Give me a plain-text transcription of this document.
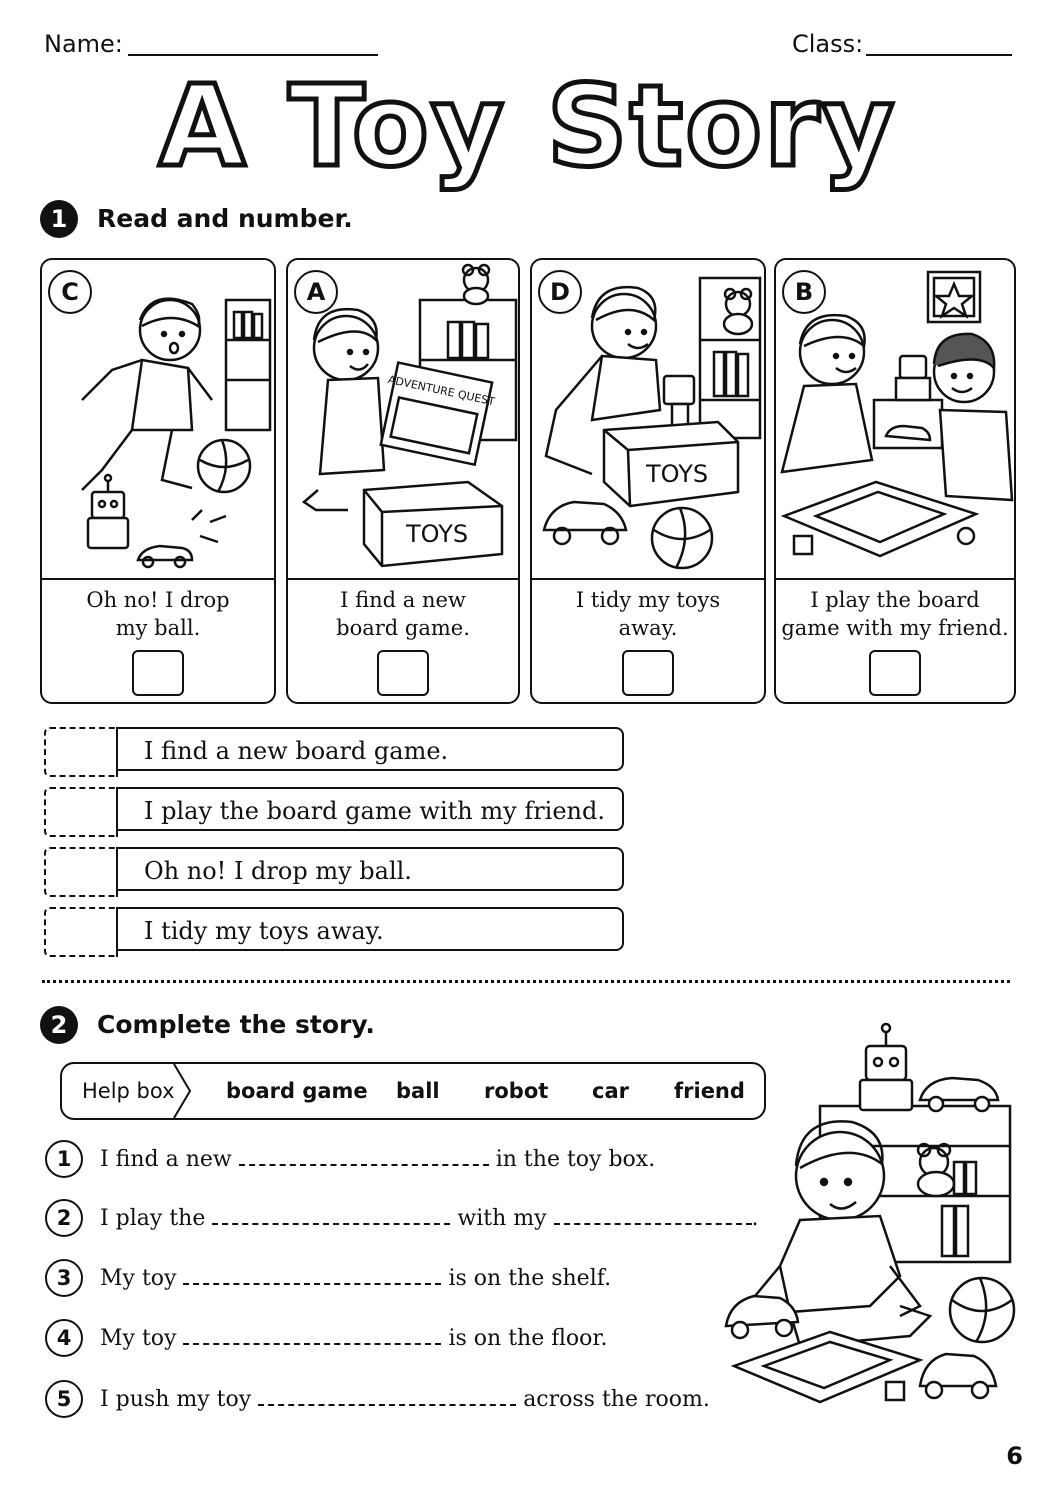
Name:	Class:
A Toy Story
1	Read and number.
C
Oh no! I drop
my ball.
ADVENTURE QUEST
TOYS
A
I find a new
board game.
TOYS
D
I tidy my toys
away.
B
I play the board
game with my friend.
I find a new board game.
I play the board game with my friend.
Oh no! I drop my ball.
I tidy my toys away.
2	Complete the story.
Help box board game ball robot car friend
1	I find a new	in the toy box.
2	I play the	with my	.
3	My toy	is on the shelf.
4	My toy	is on the floor.
5	I push my toy	across the room.
6
